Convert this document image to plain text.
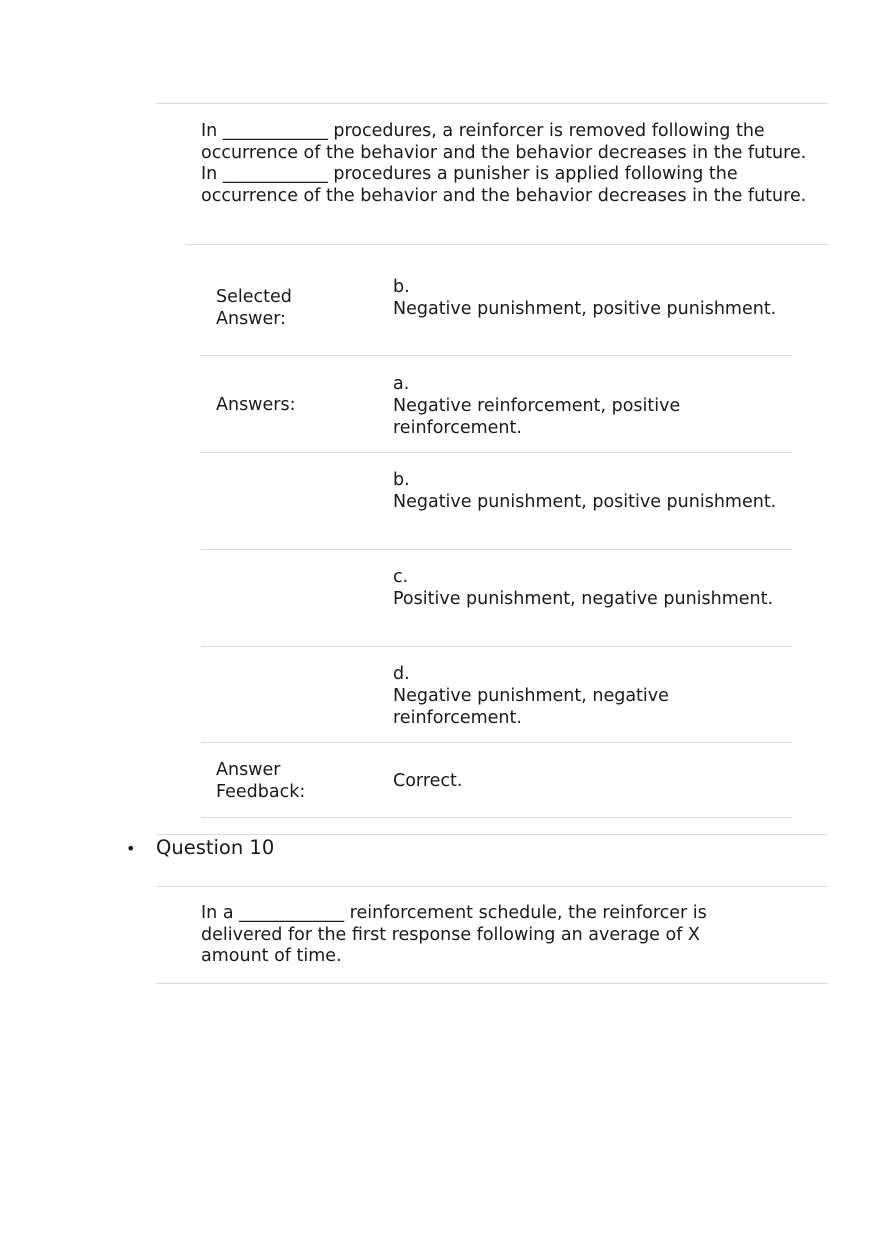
In ____________ procedures, a reinforcer is removed following the occurrence of the behavior and the behavior decreases in the future. In ____________ procedures a punisher is applied following the occurrence of the behavior and the behavior decreases in the future.
Selected Answer:
b.
Negative punishment, positive punishment.
Answers:
a.
Negative reinforcement, positive reinforcement.
b.
Negative punishment, positive punishment.
c.
Positive punishment, negative punishment.
d.
Negative punishment, negative reinforcement.
Answer Feedback:
Correct.
• Question 10
In a ____________ reinforcement schedule, the reinforcer is delivered for the first response following an average of X amount of time.
